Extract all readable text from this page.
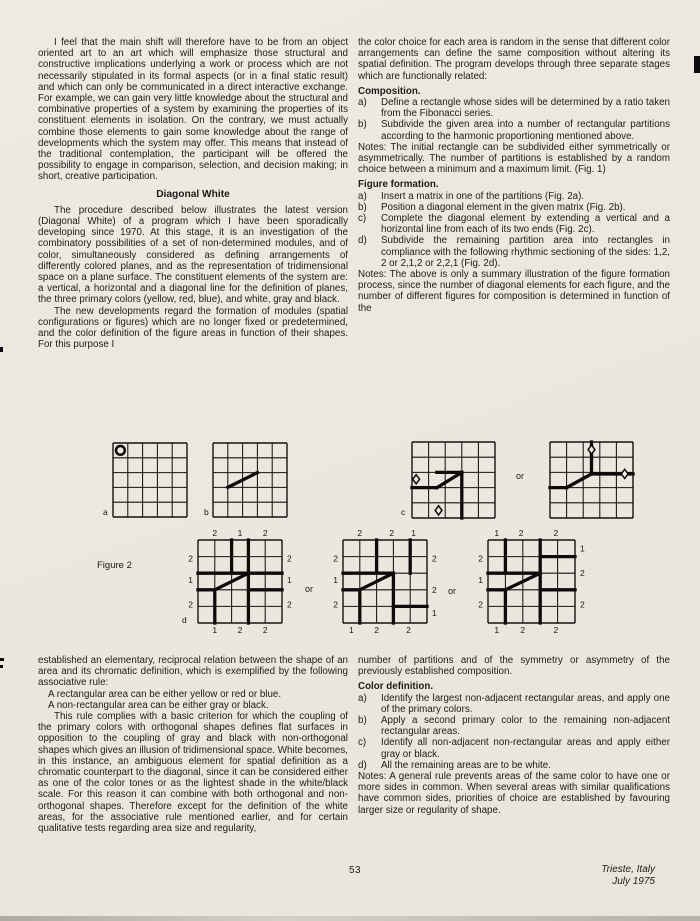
I feel that the main shift will therefore have to be from an object oriented art to an art which will emphasize those structural and constructive implications underlying a work or process which are not necessarily stipulated in its formal aspects (or in a final static result) and which can only be communicated in a direct interactive exchange. For example, we can gain very little knowledge about the structural and combinative properties of a system by examining the properties of its constituent elements in isolation. On the contrary, we must actually combine those elements to gain some knowledge about the range of developments which the system may offer. This means that instead of the traditional contemplation, the participant will be offered the possibility to engage in comparison, selection, and decision making; in short, creative participation.

Diagonal White

The procedure described below illustrates the latest version (Diagonal White) of a program which I have been sporadically developing since 1970. At this stage, it is an investigation of the combinatory possibilities of a set of non-determined modules, and of color, simultaneously considered as defining arrangements of differently colored planes, and as the representation of tridimensional space on a plane surface. The constituent elements of the system are: a vertical, a horizontal and a diagonal line for the definition of planes, the three primary colors (yellow, red, blue), and white, gray and black.

The new developments regard the formation of modules (spatial configurations or figures) which are no longer fixed or predetermined, and the color definition of the figure areas in function of their shapes. For this purpose I

the color choice for each area is random in the sense that different color arrangements can define the same composition without altering its spatial definition. The program develops through three separate stages which are functionally related:

Composition.

a)	Define a rectangle whose sides will be determined by a ratio taken from the Fibonacci series.

b)	Subdivide the given area into a number of rectangular partitions according to the harmonic proportioning mentioned above.

Notes: The initial rectangle can be subdivided either symmetrically or asymmetrically. The number of partitions is established by a random choice between a minimum and a maximum limit. (Fig. 1)

Figure formation.

a)	Insert a matrix in one of the partitions (Fig. 2a).

b)	Position a diagonal element in the given matrix (Fig. 2b).

c)	Complete the diagonal element by extending a vertical and a horizontal line from each of its two ends (Fig. 2c).

d)	Subdivide the remaining partition area into rectangles in compliance with the following rhythmic sectioning of the sides: 1,2, 2 or 2,1,2 or 2,2,1 (Fig. 2d).

Notes: The above is only a summary illustration of the figure formation process, since the number of diagonal elements for each figure, and the number of different figures for composition is determined in function of the

established an elementary, reciprocal relation between the shape of an area and its chromatic definition, which is exemplified by the following associative rule:

A rectangular area can be either yellow or red or blue.

A non-rectangular area can be either gray or black.

This rule complies with a basic criterion for which the coupling of the primary colors with orthogonal shapes defines flat surfaces in opposition to the coupling of gray and black with non-orthogonal shapes which gives an illusion of tridimensional space. White becomes, in this instance, an ambiguous element for spatial definition as a chromatic counterpart to the diagonal, since it can be considered either as one of the color tones or as the lightest shade in the white/black scale. For this reason it can combine with both orthogonal and non-orthogonal shapes. Therefore except for the definition of the white areas, for the associative rule mentioned earlier, and for certain qualitative tests regarding area size and regularity,

number of partitions and of the symmetry or asymmetry of the previously established composition.

Color definition.

a)	Identify the largest non-adjacent rectangular areas, and apply one of the primary colors.

b)	Apply a second primary color to the remaining non-adjacent rectangular areas.

c)	Identify all non-adjacent non-rectangular areas and apply either gray or black.

d)	All the remaining areas are to be white.

Notes: A general rule prevents areas of the same color to have one or more sides in common. When several areas with similar qualifications have common sides, priorities of choice are established by favouring larger size or regularity of shape.

Trieste, Italy
July 1975
53
2 1 2
1 2 2
2
1
2
2
1
2
2	2 1
1 2	2
2
1
2
2
2
1
1 2	2
1	2	2
2
1
2
1
2
2
a	b	c
or
Figure 2
d
or	or
